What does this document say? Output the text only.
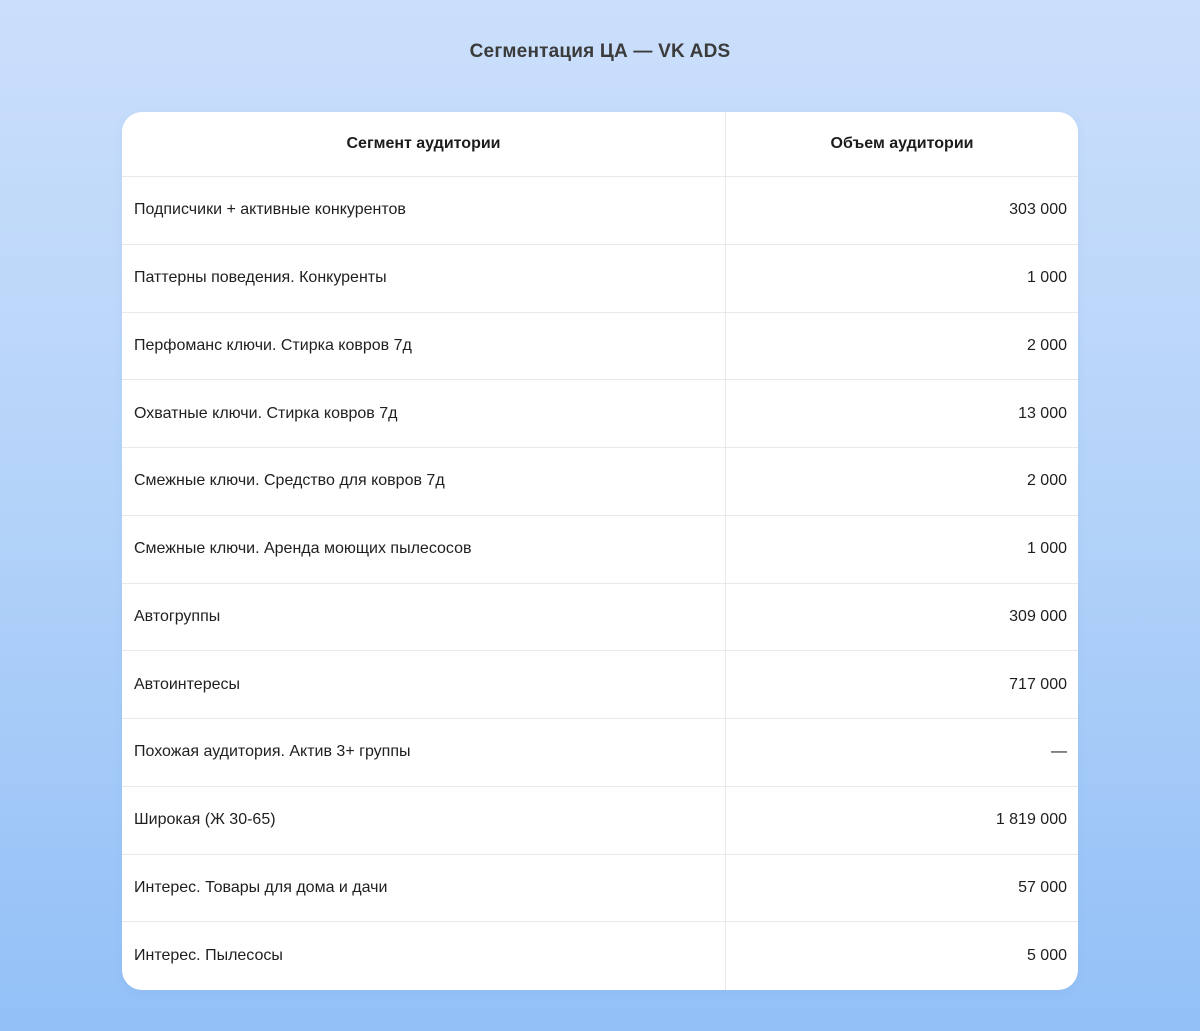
Сегментация ЦА — VK ADS
Сегмент аудитории	Объем аудитории
Подписчики + активные конкурентов	303 000
Паттерны поведения. Конкуренты	1 000
Перфоманс ключи. Стирка ковров 7д	2 000
Охватные ключи. Стирка ковров 7д	13 000
Смежные ключи. Средство для ковров 7д	2 000
Смежные ключи. Аренда моющих пылесосов	1 000
Автогруппы	309 000
Автоинтересы	717 000
Похожая аудитория. Актив 3+ группы	—
Широкая (Ж 30-65)	1 819 000
Интерес. Товары для дома и дачи	57 000
Интерес. Пылесосы	5 000
